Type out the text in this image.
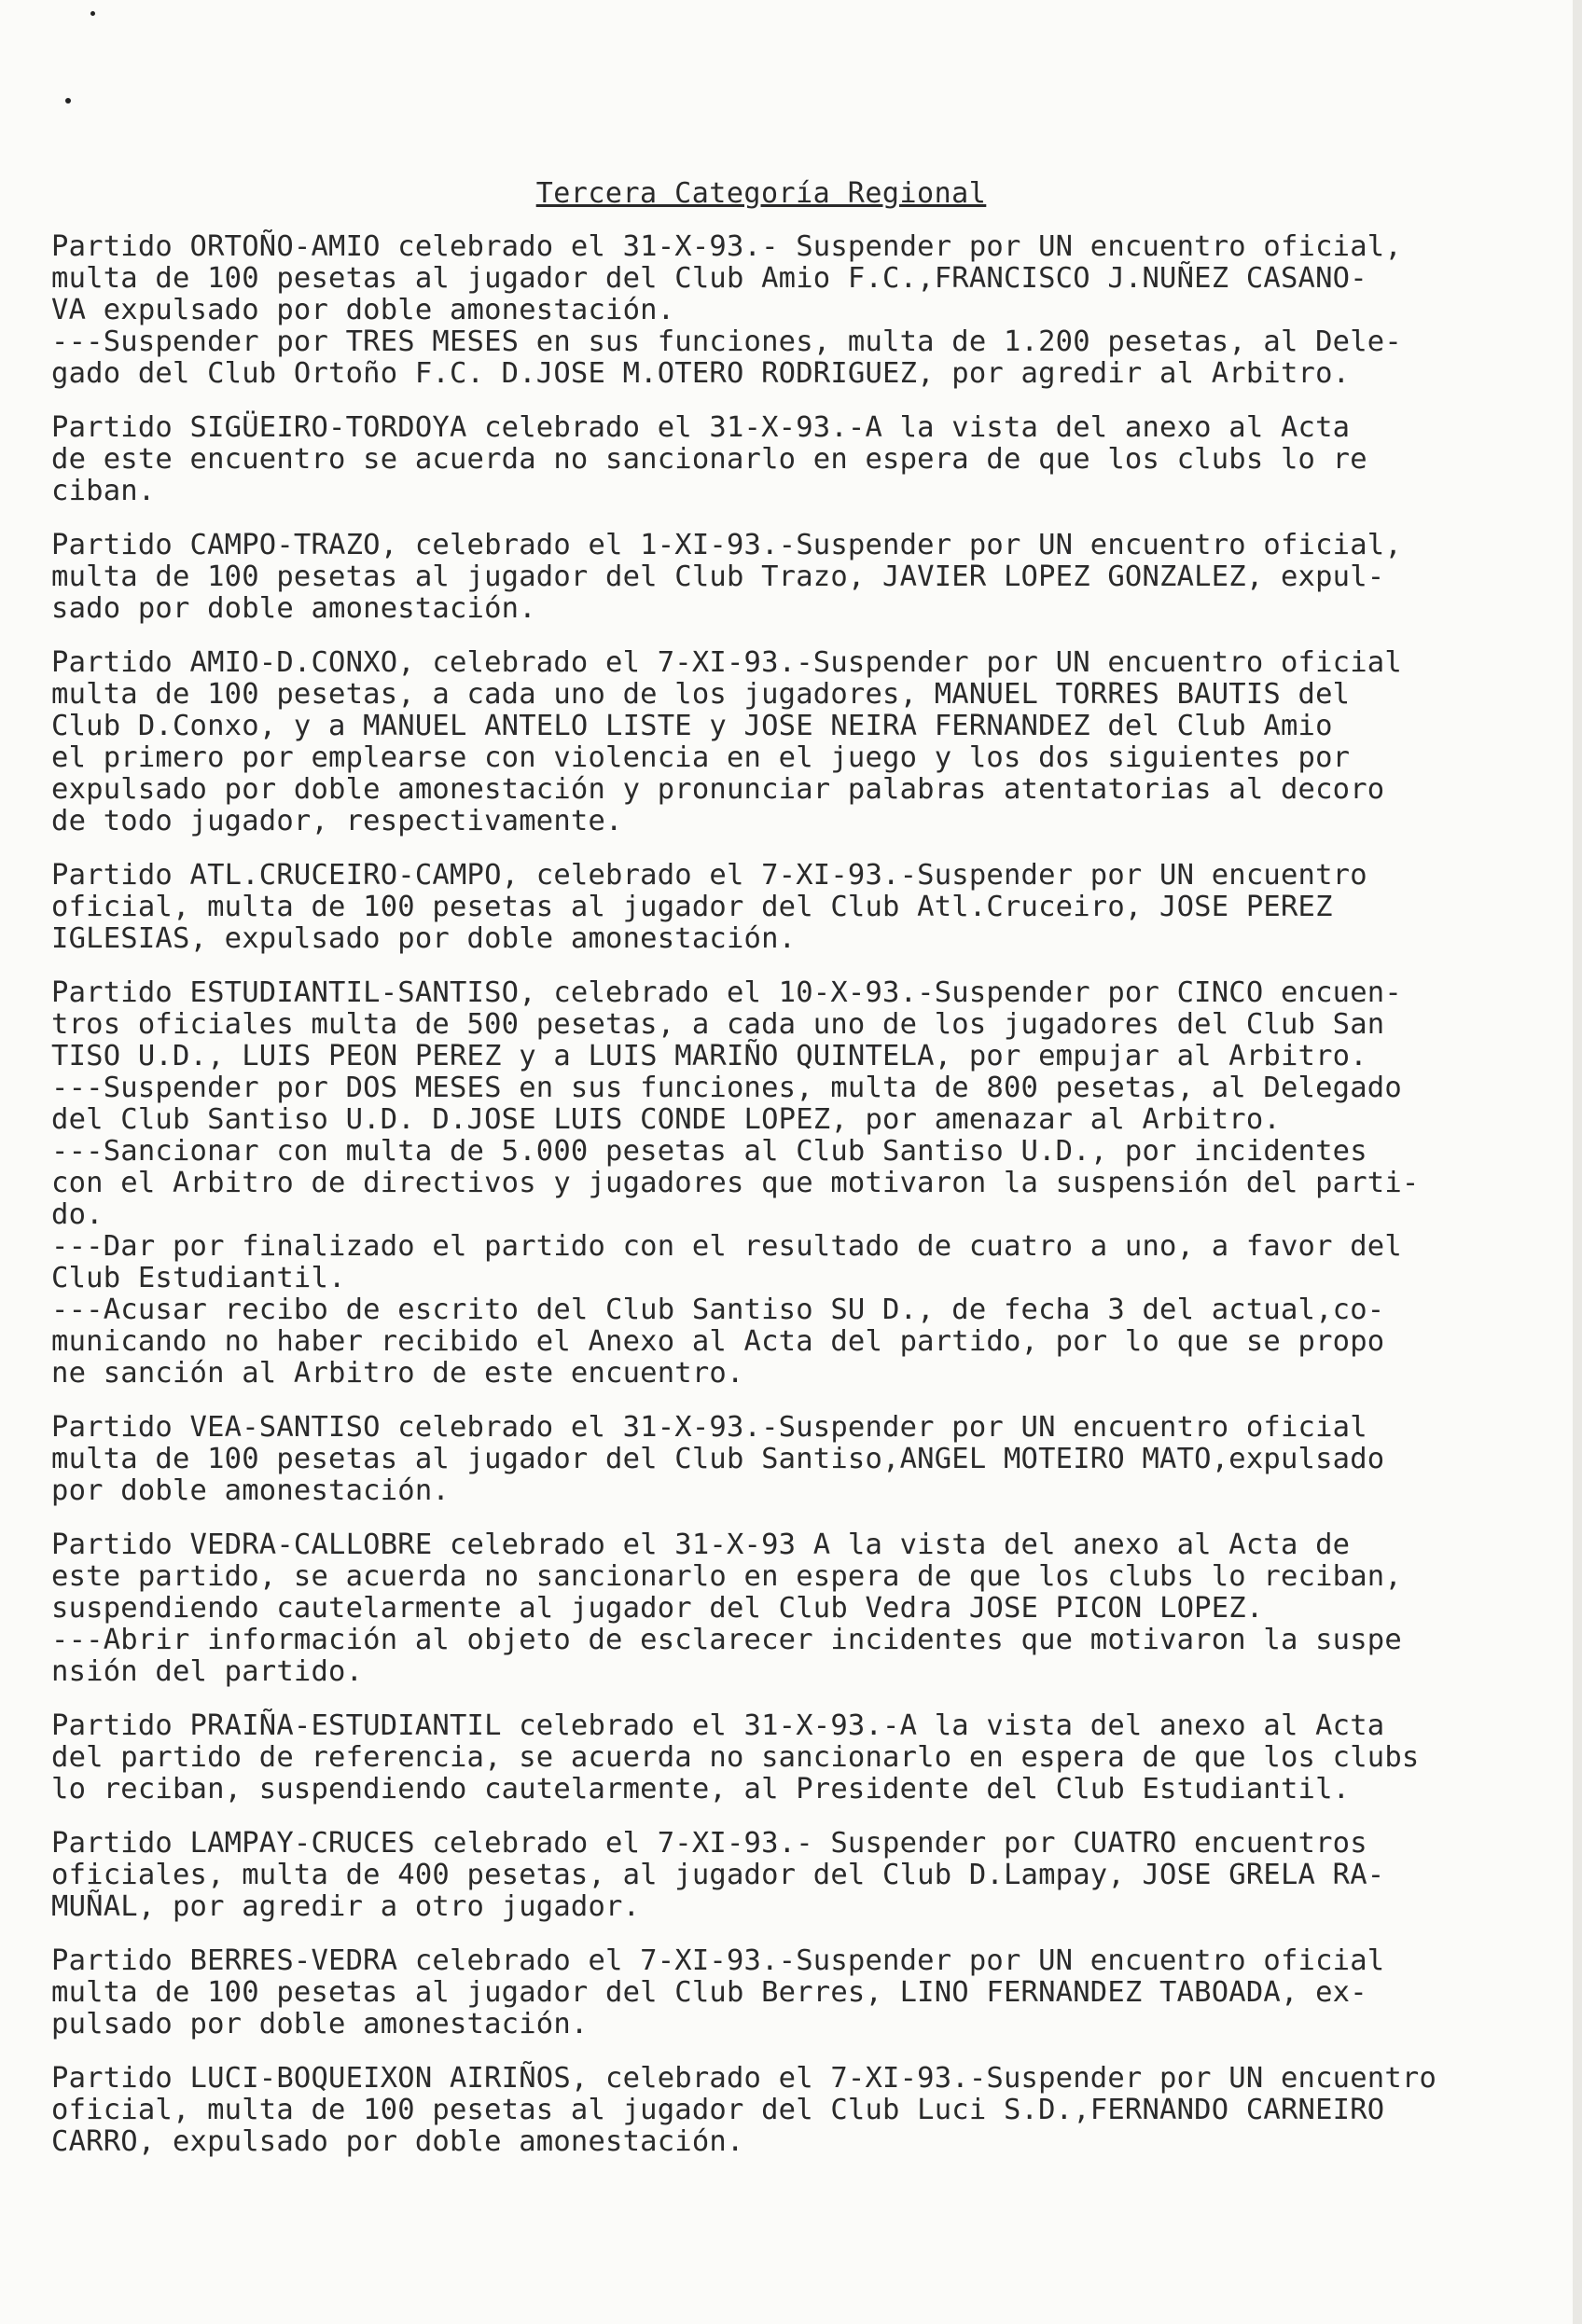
Tercera Categoría Regional
Partido ORTOÑO-AMIO celebrado el 31-X-93.- Suspender por UN encuentro oficial,
multa de 100 pesetas al jugador del Club Amio F.C.,FRANCISCO J.NUÑEZ CASANO-
VA expulsado por doble amonestación.
---Suspender por TRES MESES en sus funciones, multa de 1.200 pesetas, al Dele-
gado del Club Ortoño F.C. D.JOSE M.OTERO RODRIGUEZ, por agredir al Arbitro.
Partido SIGÜEIRO-TORDOYA celebrado el 31-X-93.-A la vista del anexo al Acta
de este encuentro se acuerda no sancionarlo en espera de que los clubs lo re
ciban.
Partido CAMPO-TRAZO, celebrado el 1-XI-93.-Suspender por UN encuentro oficial,
multa de 100 pesetas al jugador del Club Trazo, JAVIER LOPEZ GONZALEZ, expul-
sado por doble amonestación.
Partido AMIO-D.CONXO, celebrado el 7-XI-93.-Suspender por UN encuentro oficial
multa de 100 pesetas, a cada uno de los jugadores, MANUEL TORRES BAUTIS del
Club D.Conxo, y a MANUEL ANTELO LISTE y JOSE NEIRA FERNANDEZ del Club Amio
el primero por emplearse con violencia en el juego y los dos siguientes por
expulsado por doble amonestación y pronunciar palabras atentatorias al decoro
de todo jugador, respectivamente.
Partido ATL.CRUCEIRO-CAMPO, celebrado el 7-XI-93.-Suspender por UN encuentro
oficial, multa de 100 pesetas al jugador del Club Atl.Cruceiro, JOSE PEREZ
IGLESIAS, expulsado por doble amonestación.
Partido ESTUDIANTIL-SANTISO, celebrado el 10-X-93.-Suspender por CINCO encuen-
tros oficiales multa de 500 pesetas, a cada uno de los jugadores del Club San
TISO U.D., LUIS PEON PEREZ y a LUIS MARIÑO QUINTELA, por empujar al Arbitro.
---Suspender por DOS MESES en sus funciones, multa de 800 pesetas, al Delegado
del Club Santiso U.D. D.JOSE LUIS CONDE LOPEZ, por amenazar al Arbitro.
---Sancionar con multa de 5.000 pesetas al Club Santiso U.D., por incidentes
con el Arbitro de directivos y jugadores que motivaron la suspensión del parti-
do.
---Dar por finalizado el partido con el resultado de cuatro a uno, a favor del
Club Estudiantil.
---Acusar recibo de escrito del Club Santiso SU D., de fecha 3 del actual,co-
municando no haber recibido el Anexo al Acta del partido, por lo que se propo
ne sanción al Arbitro de este encuentro.
Partido VEA-SANTISO celebrado el 31-X-93.-Suspender por UN encuentro oficial
multa de 100 pesetas al jugador del Club Santiso,ANGEL MOTEIRO MATO,expulsado
por doble amonestación.
Partido VEDRA-CALLOBRE celebrado el 31-X-93 A la vista del anexo al Acta de
este partido, se acuerda no sancionarlo en espera de que los clubs lo reciban,
suspendiendo cautelarmente al jugador del Club Vedra JOSE PICON LOPEZ.
---Abrir información al objeto de esclarecer incidentes que motivaron la suspe
nsión del partido.
Partido PRAIÑA-ESTUDIANTIL celebrado el 31-X-93.-A la vista del anexo al Acta
del partido de referencia, se acuerda no sancionarlo en espera de que los clubs
lo reciban, suspendiendo cautelarmente, al Presidente del Club Estudiantil.
Partido LAMPAY-CRUCES celebrado el 7-XI-93.- Suspender por CUATRO encuentros
oficiales, multa de 400 pesetas, al jugador del Club D.Lampay, JOSE GRELA RA-
MUÑAL, por agredir a otro jugador.
Partido BERRES-VEDRA celebrado el 7-XI-93.-Suspender por UN encuentro oficial
multa de 100 pesetas al jugador del Club Berres, LINO FERNANDEZ TABOADA, ex-
pulsado por doble amonestación.
Partido LUCI-BOQUEIXON AIRIÑOS, celebrado el 7-XI-93.-Suspender por UN encuentro
oficial, multa de 100 pesetas al jugador del Club Luci S.D.,FERNANDO CARNEIRO
CARRO, expulsado por doble amonestación.
